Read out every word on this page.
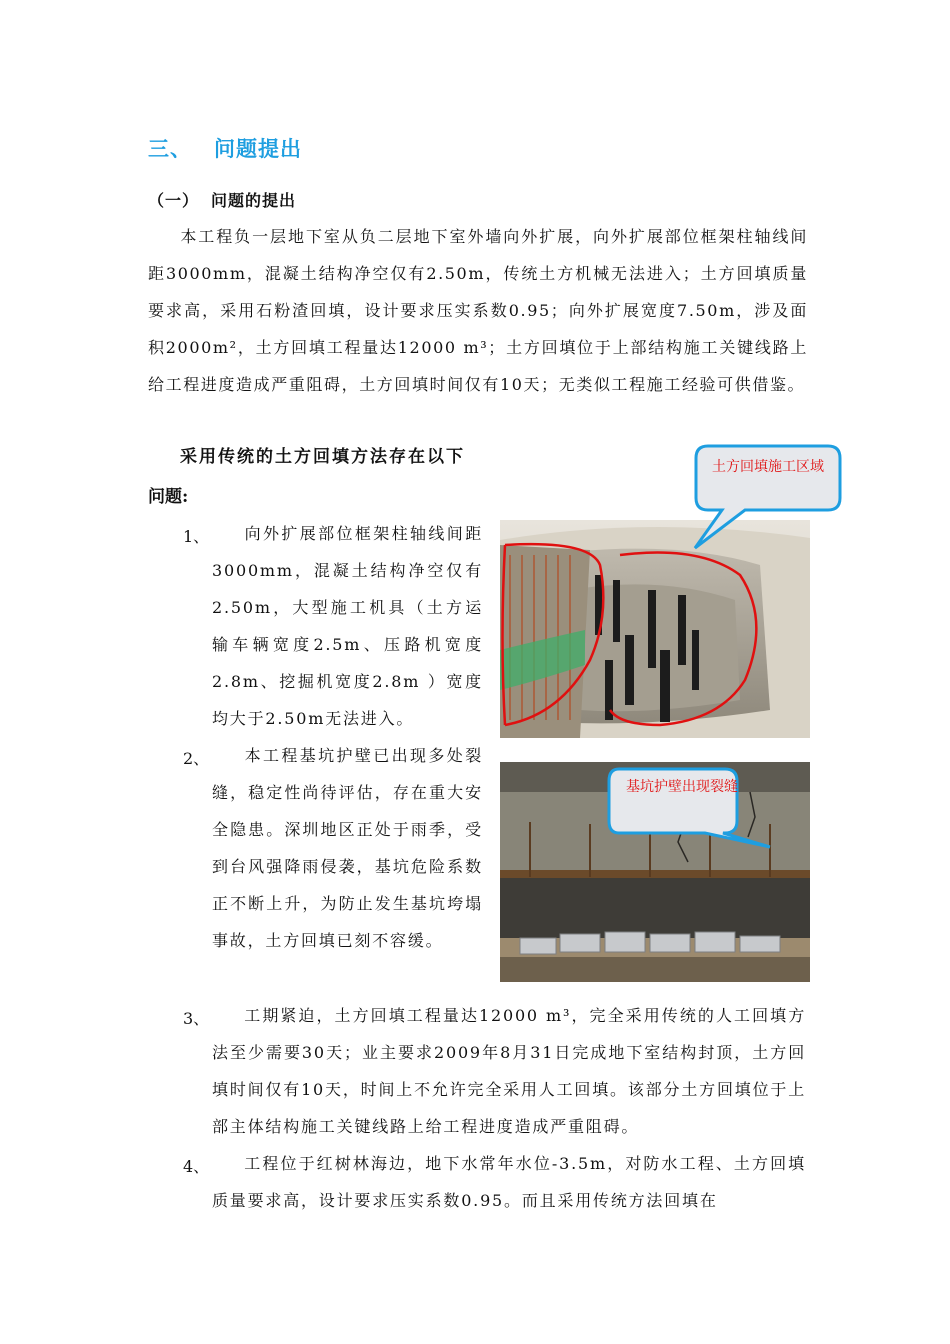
三、 问题提出
（一） 问题的提出
本工程负一层地下室从负二层地下室外墙向外扩展，向外扩展部位框架柱轴线间距3000mm，混凝土结构净空仅有2.50m，传统土方机械无法进入；土方回填质量要求高，采用石粉渣回填，设计要求压实系数0.95；向外扩展宽度7.50m，涉及面积2000m²，土方回填工程量达12000 m³；土方回填位于上部结构施工关键线路上给工程进度造成严重阻碍，土方回填时间仅有10天；无类似工程施工经验可供借鉴。
采用传统的土方回填方法存在以下
问题:
1、	向外扩展部位框架柱轴线间距3000mm，混凝土结构净空仅有2.50m，大型施工机具（土方运输车辆宽度2.5m、压路机宽度2.8m、挖掘机宽度2.8m ）宽度均大于2.50m无法进入。
2、	本工程基坑护壁已出现多处裂缝，稳定性尚待评估，存在重大安全隐患。深圳地区正处于雨季，受到台风强降雨侵袭，基坑危险系数正不断上升，为防止发生基坑垮塌事故，土方回填已刻不容缓。
3、	工期紧迫，土方回填工程量达12000 m³，完全采用传统的人工回填方法至少需要30天；业主要求2009年8月31日完成地下室结构封顶，土方回填时间仅有10天，时间上不允许完全采用人工回填。该部分土方回填位于上部主体结构施工关键线路上给工程进度造成严重阻碍。
4、	工程位于红树林海边，地下水常年水位-3.5m，对防水工程、土方回填质量要求高，设计要求压实系数0.95。而且采用传统方法回填在
土方回填施工区域
基坑护壁出现裂缝
